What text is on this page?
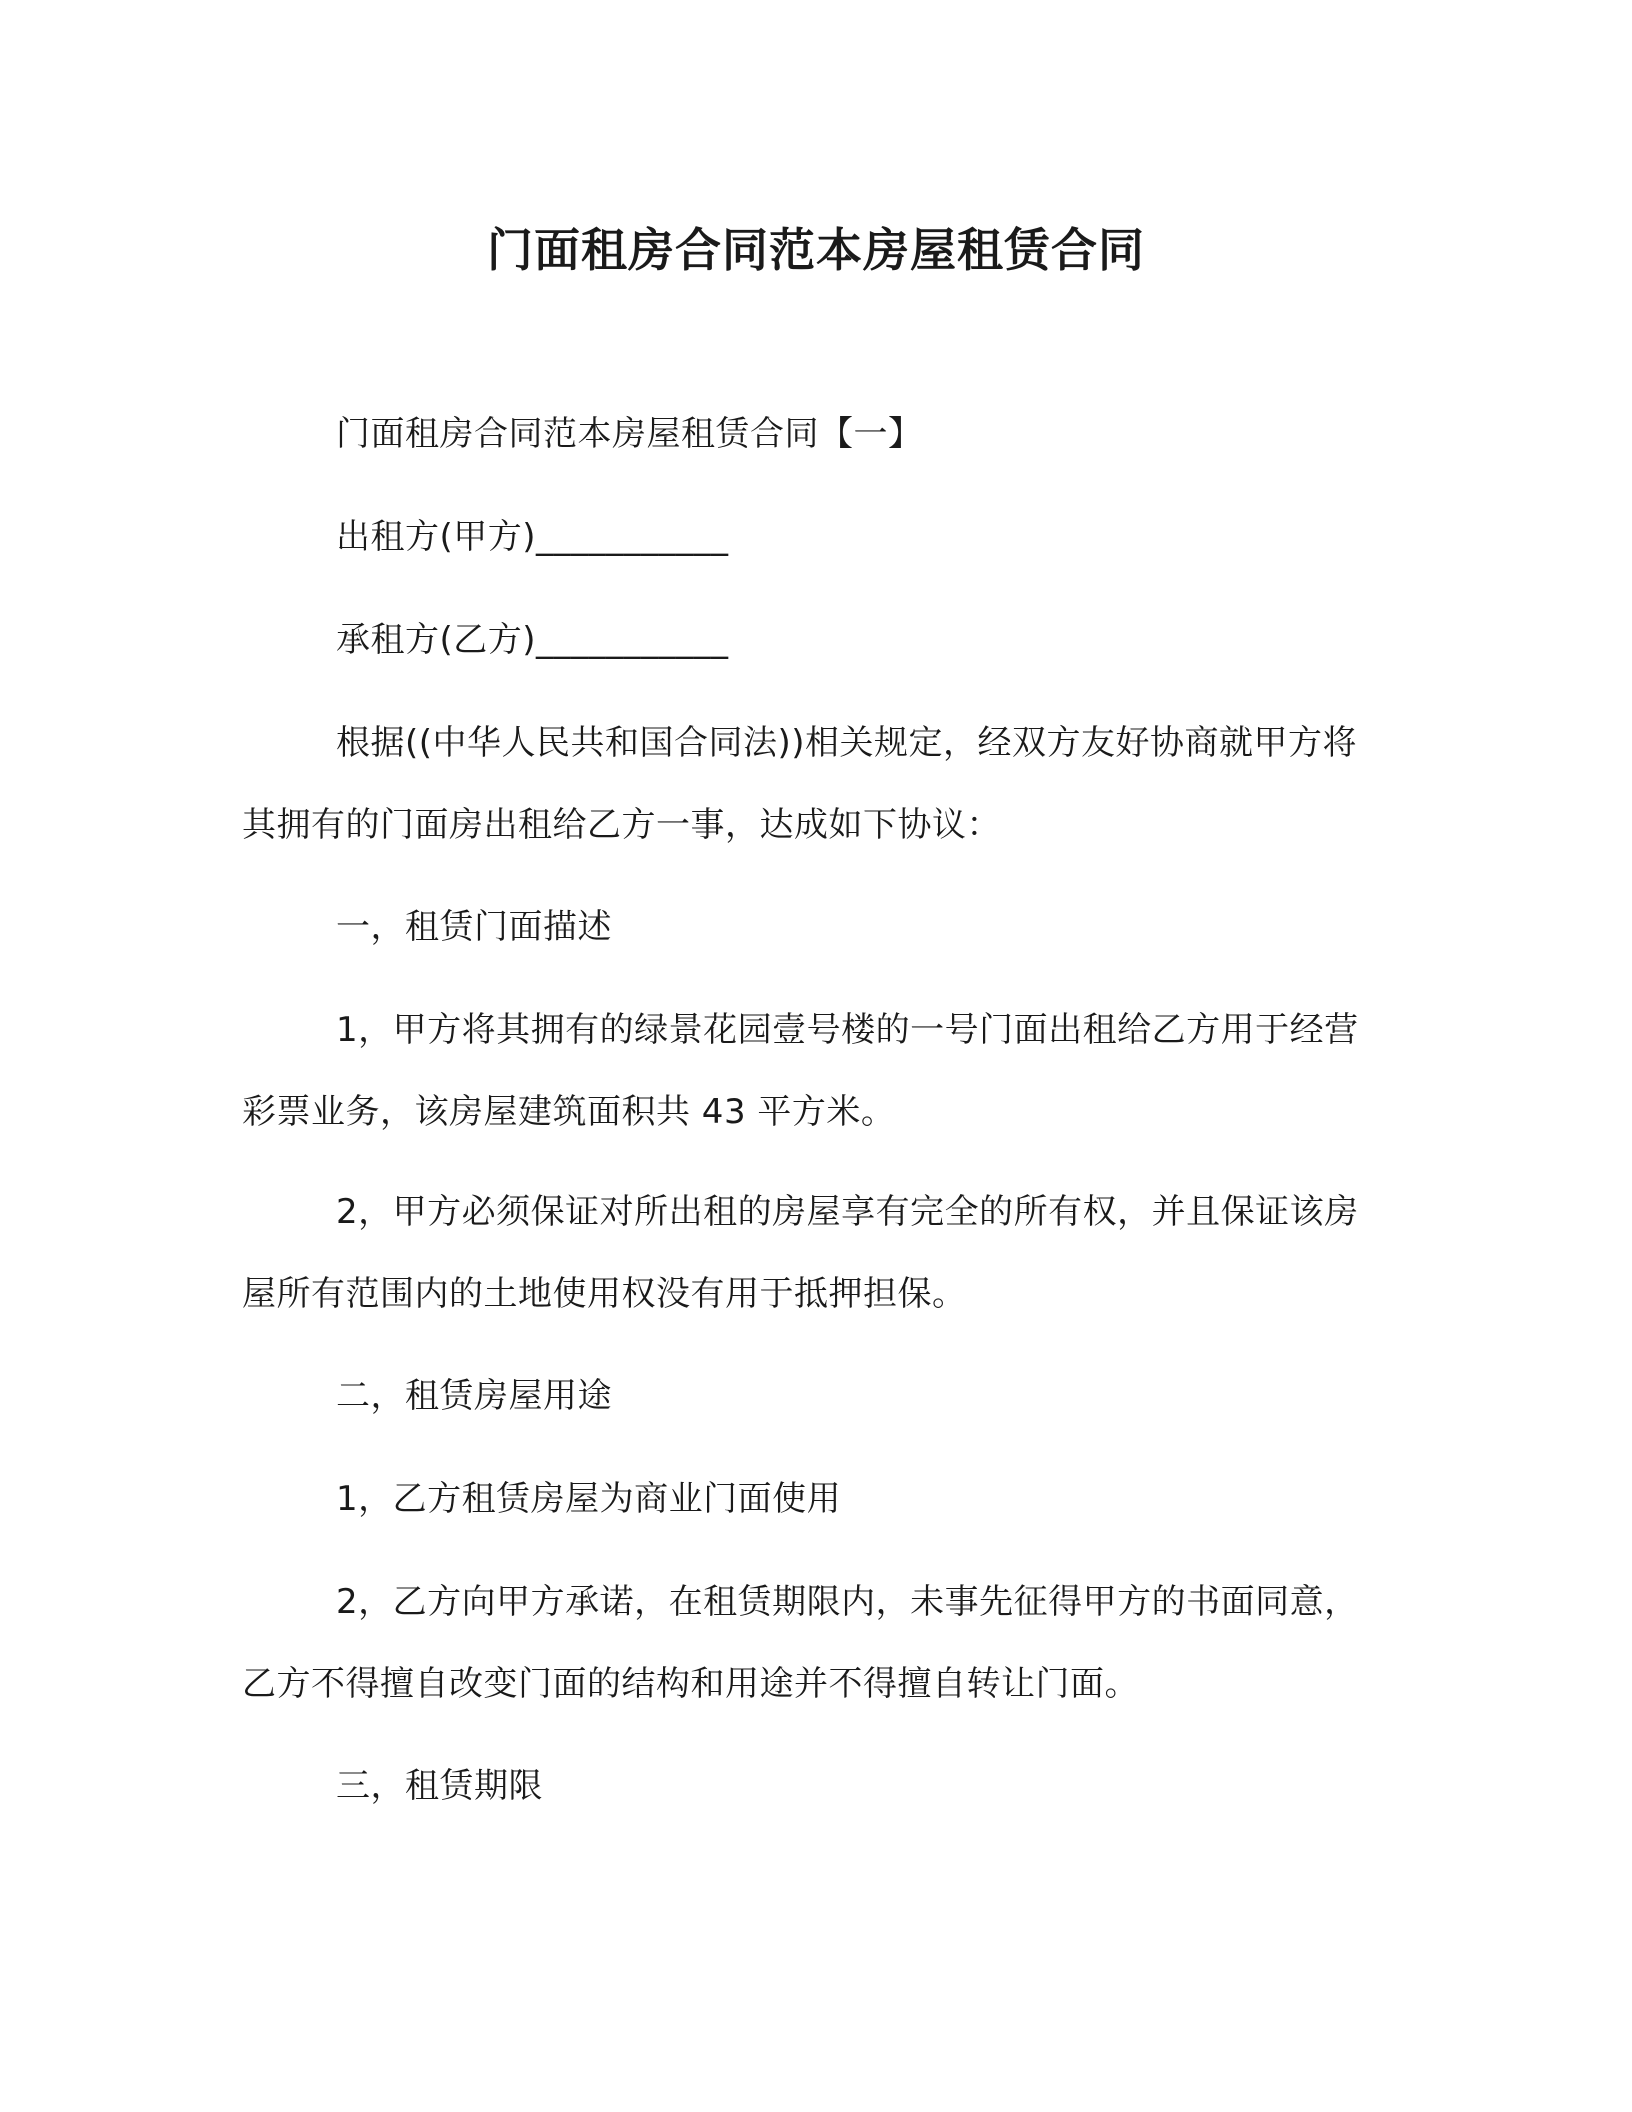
门面租房合同范本房屋租赁合同
门面租房合同范本房屋租赁合同【一】
出租方(甲方)___________
承租方(乙方)___________
根据((中华人民共和国合同法))相关规定，经双方友好协商就甲方将其拥有的门面房出租给乙方一事，达成如下协议：
一，租赁门面描述
1，甲方将其拥有的绿景花园壹号楼的一号门面出租给乙方用于经营彩票业务，该房屋建筑面积共 43 平方米。
2，甲方必须保证对所出租的房屋享有完全的所有权，并且保证该房屋所有范围内的土地使用权没有用于抵押担保。
二，租赁房屋用途
1，乙方租赁房屋为商业门面使用
2，乙方向甲方承诺，在租赁期限内，未事先征得甲方的书面同意，乙方不得擅自改变门面的结构和用途并不得擅自转让门面。
三，租赁期限
